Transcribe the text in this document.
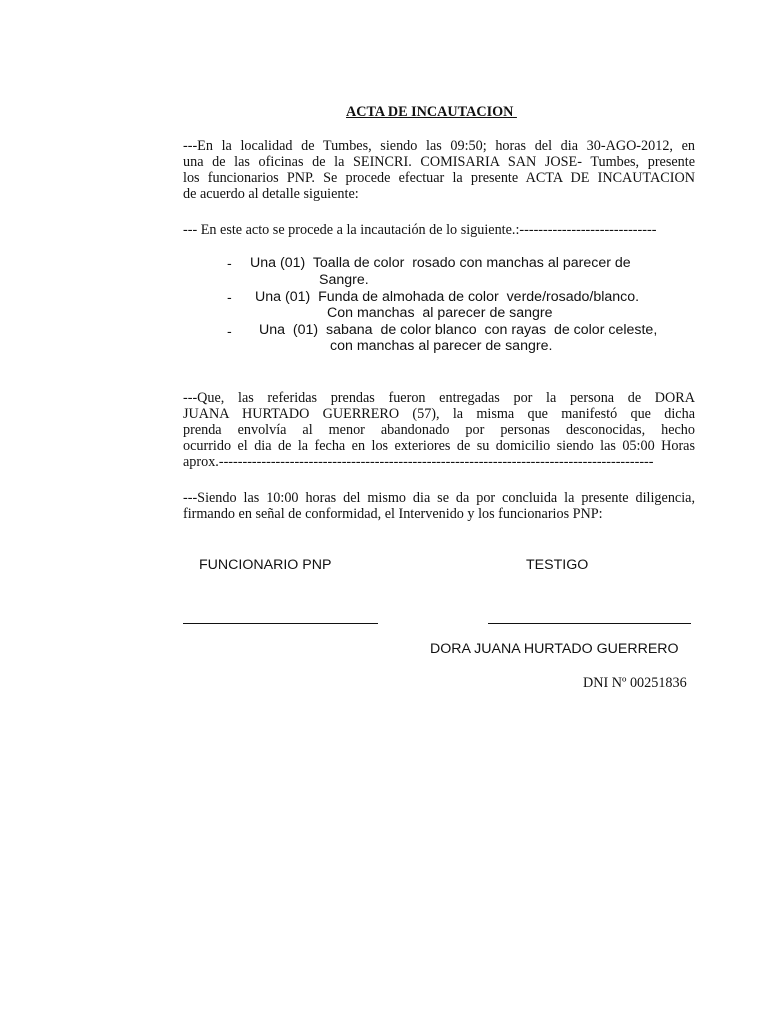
ACTA DE INCAUTACION
---En la localidad de Tumbes, siendo las 09:50; horas del dia 30-AGO-2012, en
una de las oficinas de la SEINCRI. COMISARIA SAN JOSE- Tumbes, presente
los funcionarios PNP. Se procede efectuar la presente ACTA DE INCAUTACION
de acuerdo al detalle siguiente:
--- En este acto se procede a la incautación de lo siguiente.:-----------------------------
- Una (01)  Toalla de color  rosado con manchas al parecer de
Sangre.
- Una (01)  Funda de almohada de color  verde/rosado/blanco.
Con manchas  al parecer de sangre
- Una  (01)  sabana  de color blanco  con rayas  de color celeste,
con manchas al parecer de sangre.
---Que, las referidas prendas fueron entregadas por la persona de DORA
JUANA HURTADO GUERRERO (57), la misma que manifestó que dicha
prenda envolvía al menor abandonado por personas desconocidas, hecho
ocurrido el dia de la fecha en los exteriores de su domicilio siendo las 05:00 Horas
aprox.--------------------------------------------------------------------------------------------
---Siendo las 10:00 horas del mismo dia se da por concluida la presente diligencia,
firmando en señal de conformidad, el Intervenido y los funcionarios PNP:
FUNCIONARIO PNP	TESTIGO
DORA JUANA HURTADO GUERRERO
DNI Nº 00251836
